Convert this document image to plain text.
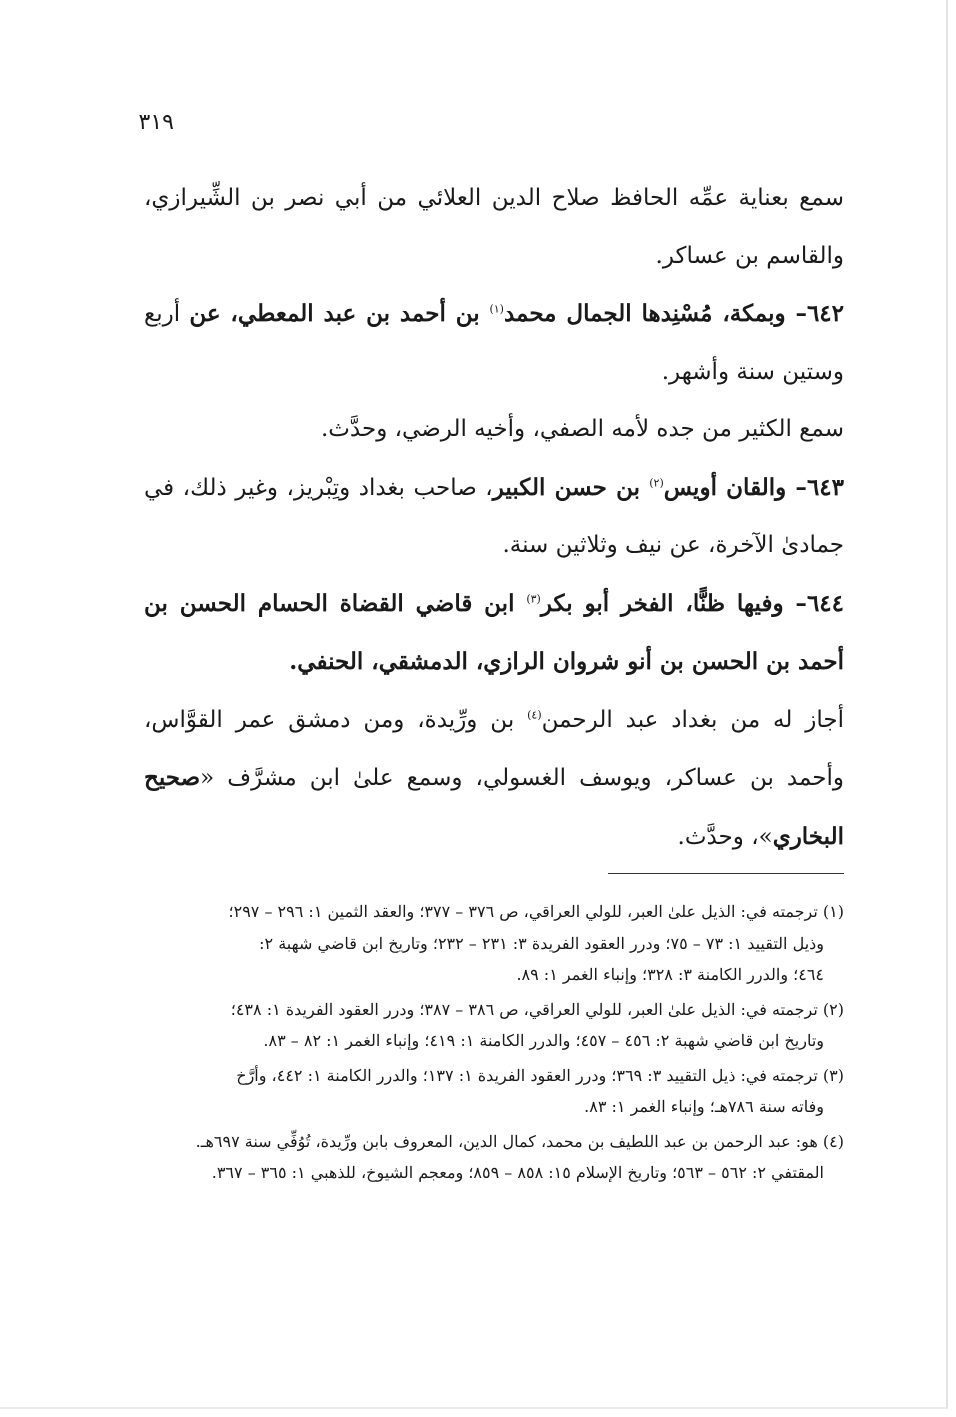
٣١٩

سمع بعناية عمِّه الحافظ صلاح الدين العلائي من أبي نصر بن الشِّيرازي، والقاسم بن عساكر.

٦٤٢– وبمكة، مُسْنِدها الجمال محمد$^{(١)}$ بن أحمد بن عبد المعطي، عن أربع وستين سنة وأشهر.

سمع الكثير من جده لأمه الصفي، وأخيه الرضي، وحدَّث.

٦٤٣– والقان أويس$^{(٢)}$ بن حسن الكبير، صاحب بغداد وتِبْريز، وغير ذلك، في جمادىٰ الآخرة، عن نيف وثلاثين سنة.

٦٤٤– وفيها ظنًّا، الفخر أبو بكر$^{(٣)}$ ابن قاضي القضاة الحسام الحسن بن أحمد بن الحسن بن أنو شروان الرازي، الدمشقي، الحنفي.

أجاز له من بغداد عبد الرحمن$^{(٤)}$ بن ورِّيدة، ومن دمشق عمر القوَّاس، وأحمد بن عساكر، ويوسف الغسولي، وسمع علىٰ ابن مشرَّف «صحيح البخاري»، وحدَّث.

(١) ترجمته في: الذيل علىٰ العبر، للولي العراقي، ص ٣٧٦ – ٣٧٧؛ والعقد الثمين ١: ٢٩٦ – ٢٩٧؛
وذيل التقييد ١: ٧٣ – ٧٥؛ ودرر العقود الفريدة ٣: ٢٣١ – ٢٣٢؛ وتاريخ ابن قاضي شهبة ٢:
٤٦٤؛ والدرر الكامنة ٣: ٣٢٨؛ وإنباء الغمر ١: ٨٩.
(٢) ترجمته في: الذيل علىٰ العبر، للولي العراقي، ص ٣٨٦ – ٣٨٧؛ ودرر العقود الفريدة ١: ٤٣٨؛
وتاريخ ابن قاضي شهبة ٢: ٤٥٦ – ٤٥٧؛ والدرر الكامنة ١: ٤١٩؛ وإنباء الغمر ١: ٨٢ – ٨٣.
(٣) ترجمته في: ذيل التقييد ٣: ٣٦٩؛ ودرر العقود الفريدة ١: ١٣٧؛ والدرر الكامنة ١: ٤٤٢، وأرَّخ
وفاته سنة ٧٨٦هـ؛ وإنباء الغمر ١: ٨٣.
(٤) هو: عبد الرحمن بن عبد اللطيف بن محمد، كمال الدين، المعروف بابن ورِّيدة، تُوُفِّي سنة ٦٩٧هـ.
المقتفي ٢: ٥٦٢ – ٥٦٣؛ وتاريخ الإسلام ١٥: ٨٥٨ – ٨٥٩؛ ومعجم الشيوخ، للذهبي ١: ٣٦٥ – ٣٦٧.
